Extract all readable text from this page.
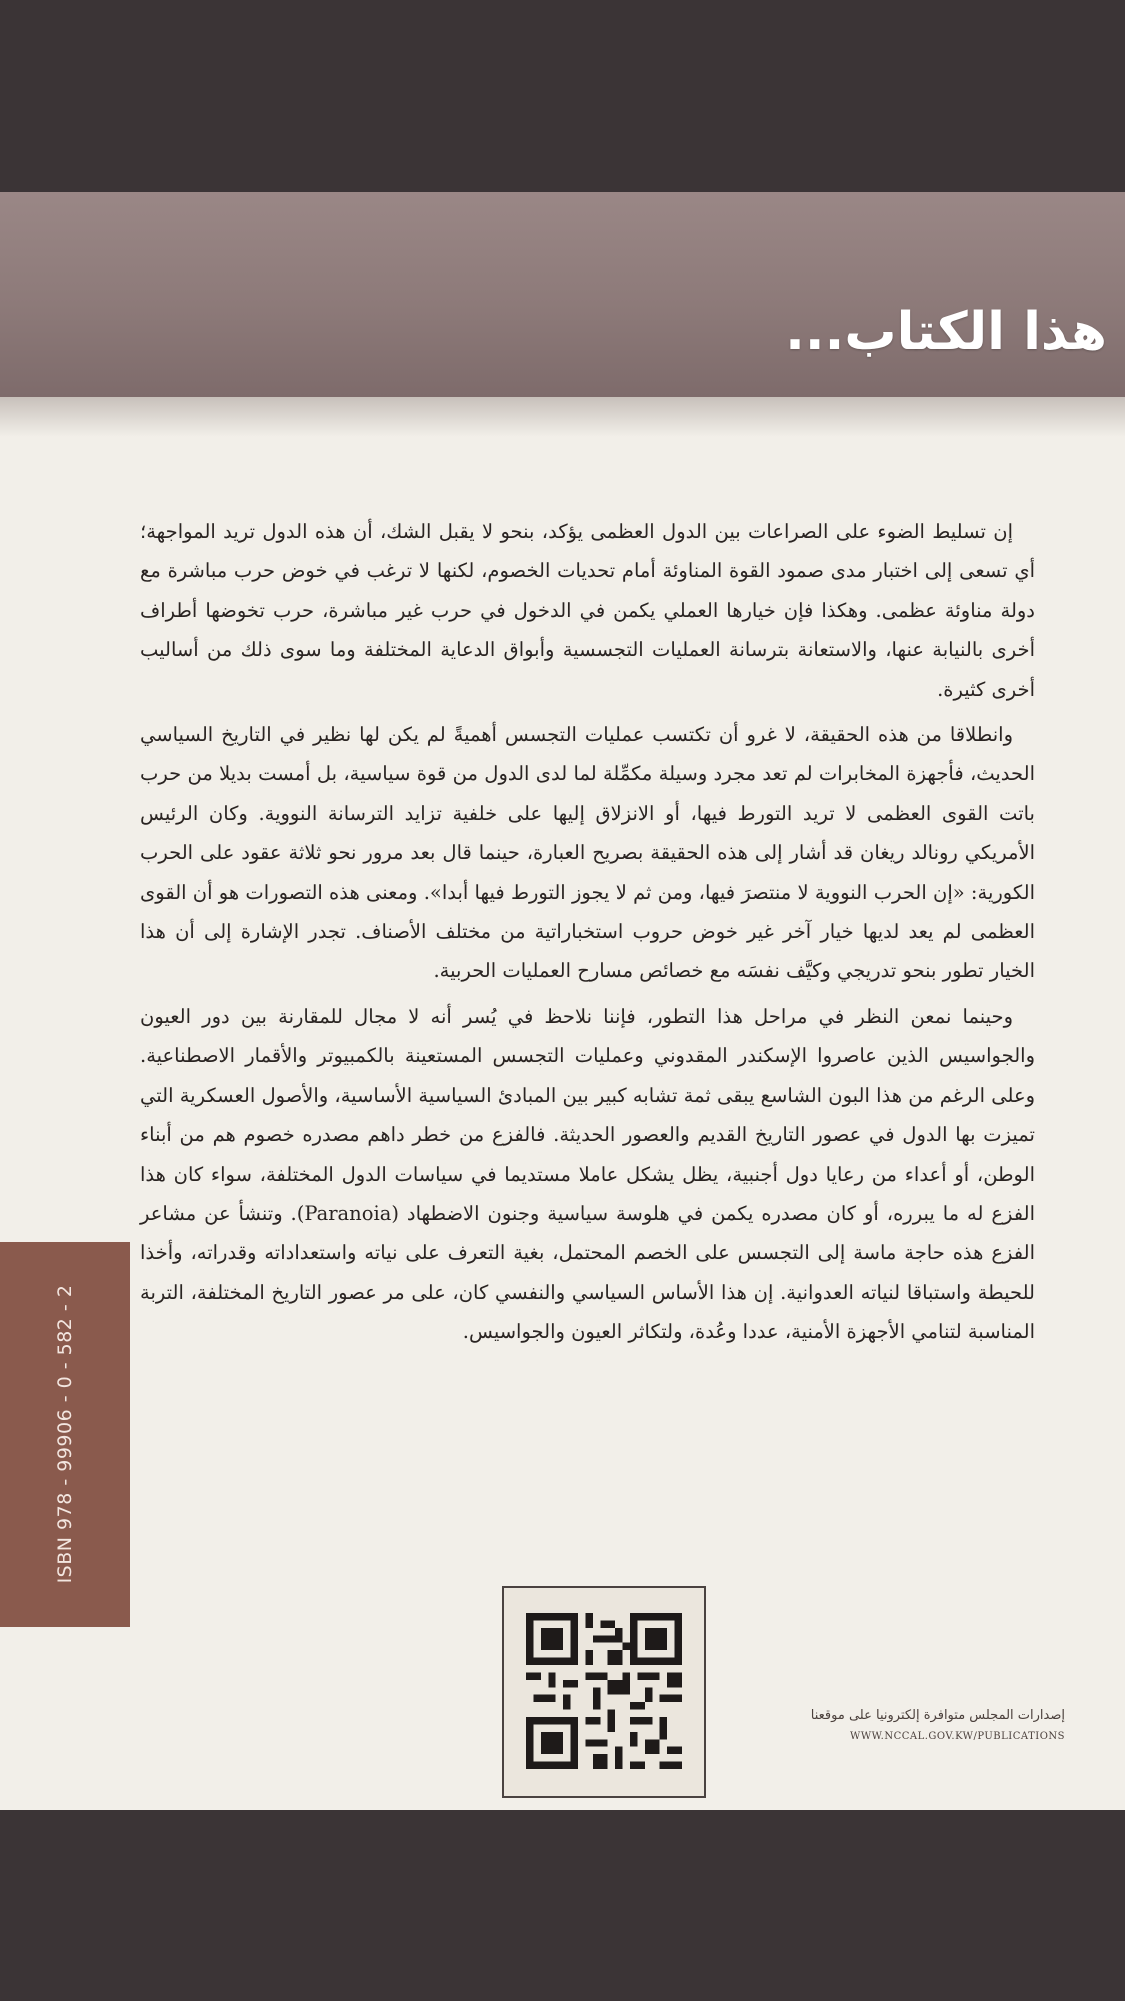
هذا الكتاب...

إن تسليط الضوء على الصراعات بين الدول العظمى يؤكد، بنحو لا يقبل الشك، أن هذه الدول تريد المواجهة؛ أي تسعى إلى اختبار مدى صمود القوة المناوئة أمام تحديات الخصوم، لكنها لا ترغب في خوض حرب مباشرة مع دولة مناوئة عظمى. وهكذا فإن خيارها العملي يكمن في الدخول في حرب غير مباشرة، حرب تخوضها أطراف أخرى بالنيابة عنها، والاستعانة بترسانة العمليات التجسسية وأبواق الدعاية المختلفة وما سوى ذلك من أساليب أخرى كثيرة.

وانطلاقا من هذه الحقيقة، لا غرو أن تكتسب عمليات التجسس أهميةً لم يكن لها نظير في التاريخ السياسي الحديث، فأجهزة المخابرات لم تعد مجرد وسيلة مكمِّلة لما لدى الدول من قوة سياسية، بل أمست بديلا من حرب باتت القوى العظمى لا تريد التورط فيها، أو الانزلاق إليها على خلفية تزايد الترسانة النووية. وكان الرئيس الأمريكي رونالد ريغان قد أشار إلى هذه الحقيقة بصريح العبارة، حينما قال بعد مرور نحو ثلاثة عقود على الحرب الكورية: «إن الحرب النووية لا منتصرَ فيها، ومن ثم لا يجوز التورط فيها أبدا». ومعنى هذه التصورات هو أن القوى العظمى لم يعد لديها خيار آخر غير خوض حروب استخباراتية من مختلف الأصناف. تجدر الإشارة إلى أن هذا الخيار تطور بنحو تدريجي وكيَّف نفسَه مع خصائص مسارح العمليات الحربية.

وحينما نمعن النظر في مراحل هذا التطور، فإننا نلاحظ في يُسر أنه لا مجال للمقارنة بين دور العيون والجواسيس الذين عاصروا الإسكندر المقدوني وعمليات التجسس المستعينة بالكمبيوتر والأقمار الاصطناعية. وعلى الرغم من هذا البون الشاسع يبقى ثمة تشابه كبير بين المبادئ السياسية الأساسية، والأصول العسكرية التي تميزت بها الدول في عصور التاريخ القديم والعصور الحديثة. فالفزع من خطر داهم مصدره خصوم هم من أبناء الوطن، أو أعداء من رعايا دول أجنبية، يظل يشكل عاملا مستديما في سياسات الدول المختلفة، سواء كان هذا الفزع له ما يبرره، أو كان مصدره يكمن في هلوسة سياسية وجنون الاضطهاد (Paranoia). وتنشأ عن مشاعر الفزع هذه حاجة ماسة إلى التجسس على الخصم المحتمل، بغية التعرف على نياته واستعداداته وقدراته، وأخذا للحيطة واستباقا لنياته العدوانية. إن هذا الأساس السياسي والنفسي كان، على مر عصور التاريخ المختلفة، التربة المناسبة لتنامي الأجهزة الأمنية، عددا وعُدة، ولتكاثر العيون والجواسيس.

ISBN 978 - 99906 - 0 - 582 - 2
إصدارات المجلس متوافرة إلكترونيا على موقعنا
WWW.NCCAL.GOV.KW/PUBLICATIONS
